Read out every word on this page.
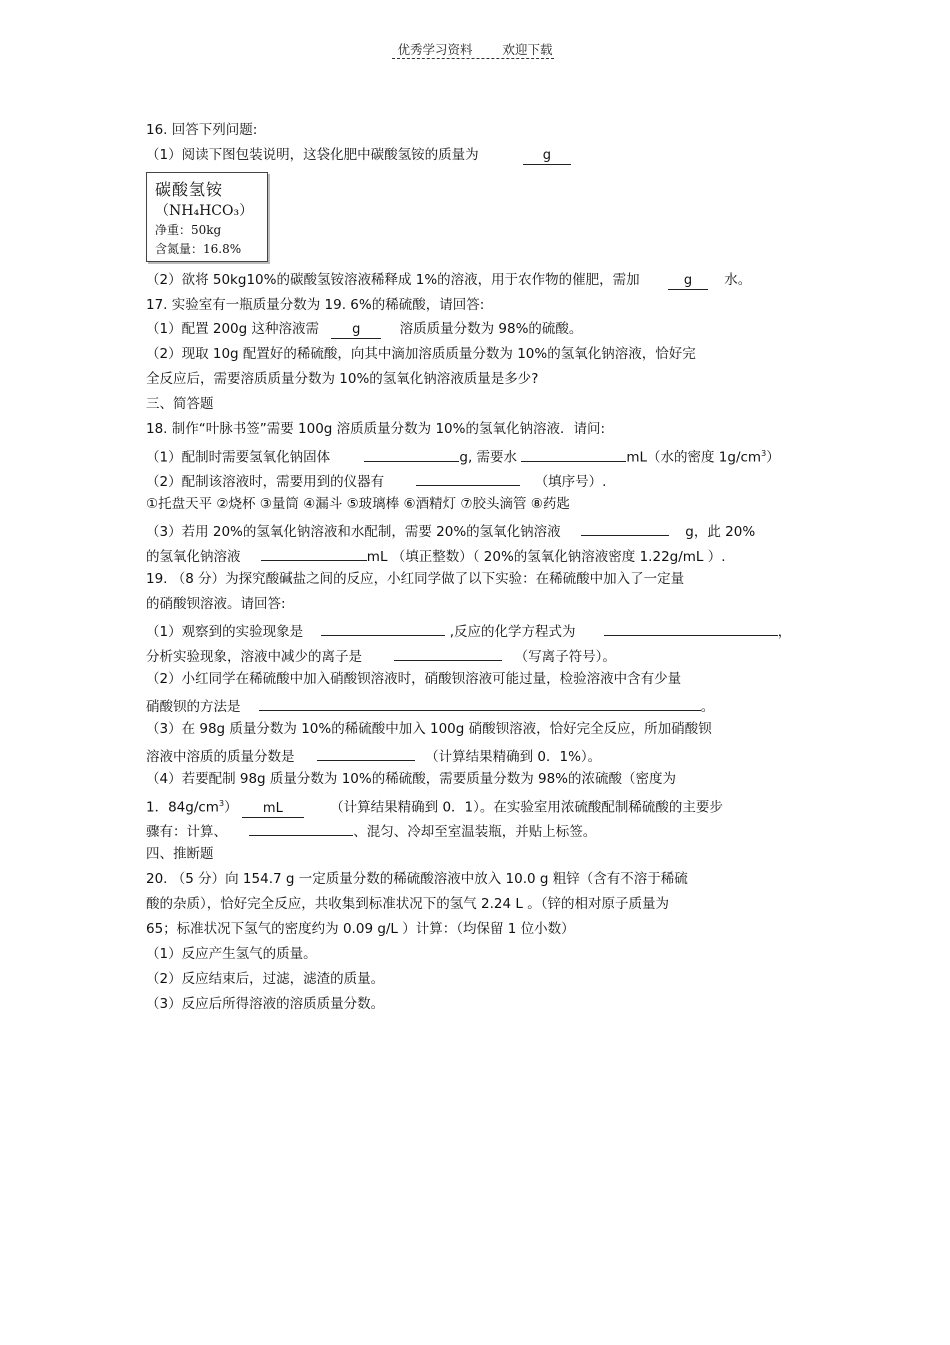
优秀学习资料 欢迎下载
碳酸氢铵
（NH₄HCO₃）
净重：50kg
含氮量：16.8%
16. 回答下列问题:
（1）阅读下图包装说明，这袋化肥中碳酸氢铵的质量为	g
（2）欲将 50kg10%的碳酸氢铵溶液稀释成 1%的溶液，用于农作物的催肥，需加	g 水。
17. 实验室有一瓶质量分数为 19. 6%的稀硫酸，请回答:
（1）配置 200g 这种溶液需	g	溶质质量分数为 98%的硫酸。
（2）现取 10g 配置好的稀硫酸，向其中滴加溶质质量分数为 10%的氢氧化钠溶液，恰好完
全反应后，需要溶质质量分数为 10%的氢氧化钠溶液质量是多少?
三、简答题
18. 制作“叶脉书签”需要 100g 溶质质量分数为 10%的氢氧化钠溶液．请问:
（1）配制时需要氢氧化钠固体	g, 需要水	mL（水的密度 $1g/cm^3$）
（2）配制该溶液时，需要用到的仪器有	（填序号）.
①托盘天平 ②烧杯 ③量筒 ④漏斗 ⑤玻璃棒 ⑥酒精灯 ⑦胶头滴管 ⑧药匙
（3）若用 20%的氢氧化钠溶液和水配制，需要 20%的氢氧化钠溶液	g，此 20%
的氢氧化钠溶液	mL （填正整数）（ 20%的氢氧化钠溶液密度 1.22g/mL ）.
19. （8 分）为探究酸碱盐之间的反应，小红同学做了以下实验：在稀硫酸中加入了一定量
的硝酸钡溶液。请回答:
（1）观察到的实验现象是	,反应的化学方程式为	，
分析实验现象，溶液中减少的离子是	（写离子符号）。
（2）小红同学在稀硫酸中加入硝酸钡溶液时，硝酸钡溶液可能过量，检验溶液中含有少量
硝酸钡的方法是	。
（3）在 98g 质量分数为 10%的稀硫酸中加入 100g 硝酸钡溶液，恰好完全反应，所加硝酸钡
溶液中溶质的质量分数是	（计算结果精确到 0．1%）。
（4）若要配制 98g 质量分数为 10%的稀硫酸，需要质量分数为 98%的浓硫酸（密度为
1．$84g/cm^3$） mL	（计算结果精确到 0．1）。在实验室用浓硫酸配制稀硫酸的主要步
骤有：计算、	、混匀、冷却至室温装瓶，并贴上标签。
四、推断题
20. （5 分）向 154.7 g 一定质量分数的稀硫酸溶液中放入 10.0 g 粗锌（含有不溶于稀硫
酸的杂质），恰好完全反应，共收集到标准状况下的氢气 2.24 L 。（锌的相对原子质量为
65；标准状况下氢气的密度约为 0.09 g/L ）计算：（均保留 1 位小数）
（1）反应产生氢气的质量。
（2）反应结束后，过滤，滤渣的质量。
（3）反应后所得溶液的溶质质量分数。
